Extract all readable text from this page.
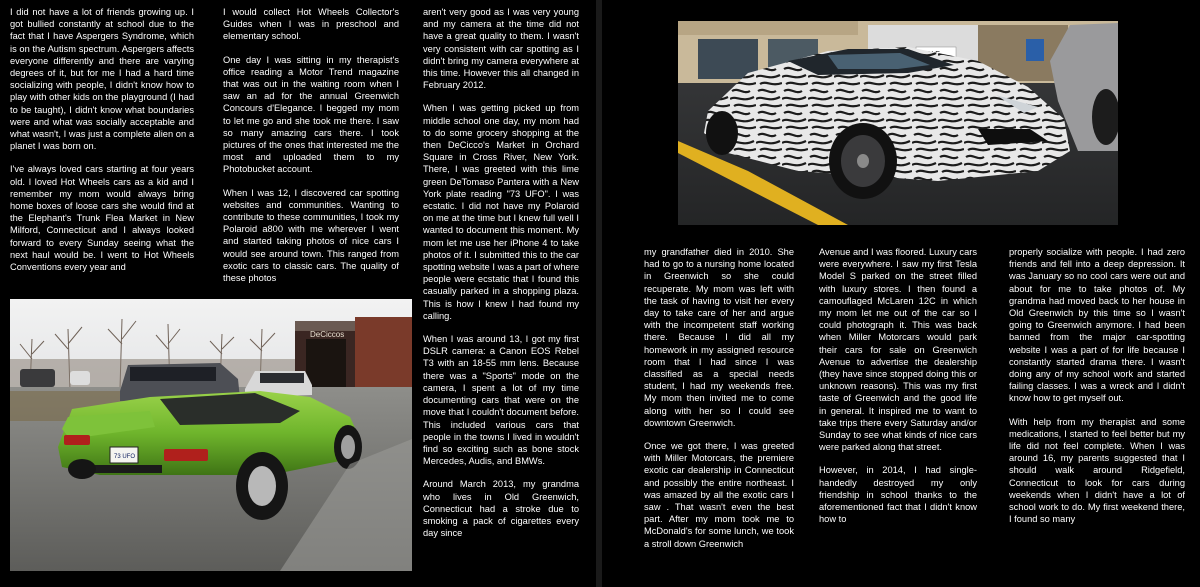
I did not have a lot of friends growing up. I got bullied constantly at school due to the fact that I have Aspergers Syndrome, which is on the Autism spectrum. Aspergers affects everyone differently and there are varying degrees of it, but for me I had a hard time socializing with people, I didn't know how to play with other kids on the playground (I had to be taught), I didn't know what boundaries were and what was socially acceptable and what wasn't, I was just a complete alien on a planet I was born on.

I've always loved cars starting at four years old. I loved Hot Wheels cars as a kid and I remember my mom would always bring home boxes of loose cars she would find at the Elephant's Trunk Flea Market in New Milford, Connecticut and I always looked forward to every Sunday seeing what the next haul would be. I went to Hot Wheels Conventions every year and

I would collect Hot Wheels Collector's Guides when I was in preschool and elementary school.

One day I was sitting in my therapist's office reading a Motor Trend magazine that was out in the waiting room when I saw an ad for the annual Greenwich Concours d'Elegance. I begged my mom to let me go and she took me there. I saw so many amazing cars there. I took pictures of the ones that interested me the most and uploaded them to my Photobucket account.

When I was 12, I discovered car spotting websites and communities. Wanting to contribute to these communities, I took my Polaroid a800 with me wherever I went and started taking photos of nice cars I would see around town. This ranged from exotic cars to classic cars. The quality of these photos

aren't very good as I was very young and my camera at the time did not have a great quality to them. I wasn't very consistent with car spotting as I didn't bring my camera everywhere at this time. However this all changed in February 2012.

When I was getting picked up from middle school one day, my mom had to do some grocery shopping at the then DeCicco's Market in Orchard Square in Cross River, New York. There, I was greeted with this lime green DeTomaso Pantera with a New York plate reading "73 UFO". I was ecstatic. I did not have my Polaroid on me at the time but I knew full well I wanted to document this moment. My mom let me use her iPhone 4 to take photos of it. I submitted this to the car spotting website I was a part of where people were ecstatic that I found this casually parked in a shopping plaza. This is how I knew I had found my calling.

When I was around 13, I got my first DSLR camera: a Canon EOS Rebel T3 with an 18-55 mm lens. Because there was a "Sports" mode on the camera, I spent a lot of my time documenting cars that were on the move that I couldn't document before. This included various cars that people in the towns I lived in wouldn't find so exciting such as bone stock Mercedes, Audis, and BMWs.

Around March 2013, my grandma who lives in Old Greenwich, Connecticut had a stroke due to smoking a pack of cigarettes every day since

DeCiccos
73 UFO

my grandfather died in 2010. She had to go to a nursing home located in Greenwich so she could recuperate. My mom was left with the task of having to visit her every day to take care of her and argue with the incompetent staff working there. Because I did all my homework in my assigned resource room that I had since I was classified as a special needs student, I had my weekends free. My mom then invited me to come along with her so I could see downtown Greenwich.

Once we got there, I was greeted with Miller Motorcars, the premiere exotic car dealership in Connecticut and possibly the entire northeast. I was amazed by all the exotic cars I saw . That wasn't even the best part. After my mom took me to McDonald's for some lunch, we took a stroll down Greenwich

Avenue and I was floored. Luxury cars were everywhere. I saw my first Tesla Model S parked on the street filled with luxury stores. I then found a camouflaged McLaren 12C in which my mom let me out of the car so I could photograph it. This was back when Miller Motorcars would park their cars for sale on Greenwich Avenue to advertise the dealership (they have since stopped doing this or unknown reasons). This was my first taste of Greenwich and the good life in general. It inspired me to want to take trips there every Saturday and/or Sunday to see what kinds of nice cars were parked along that street.

However, in 2014, I had single-handedly destroyed my only friendship in school thanks to the aforementioned fact that I didn't know how to

properly socialize with people. I had zero friends and fell into a deep depression. It was January so no cool cars were out and about for me to take photos of. My grandma had moved back to her house in Old Greenwich by this time so I wasn't going to Greenwich anymore. I had been banned from the major car-spotting website I was a part of for life because I constantly started drama there. I wasn't doing any of my school work and started failing classes. I was a wreck and I didn't know how to get myself out.

With help from my therapist and some medications, I started to feel better but my life did not feel complete. When I was around 16, my parents suggested that I should walk around Ridgefield, Connecticut to look for cars during weekends when I didn't have a lot of school work to do. My first weekend there, I found so many
